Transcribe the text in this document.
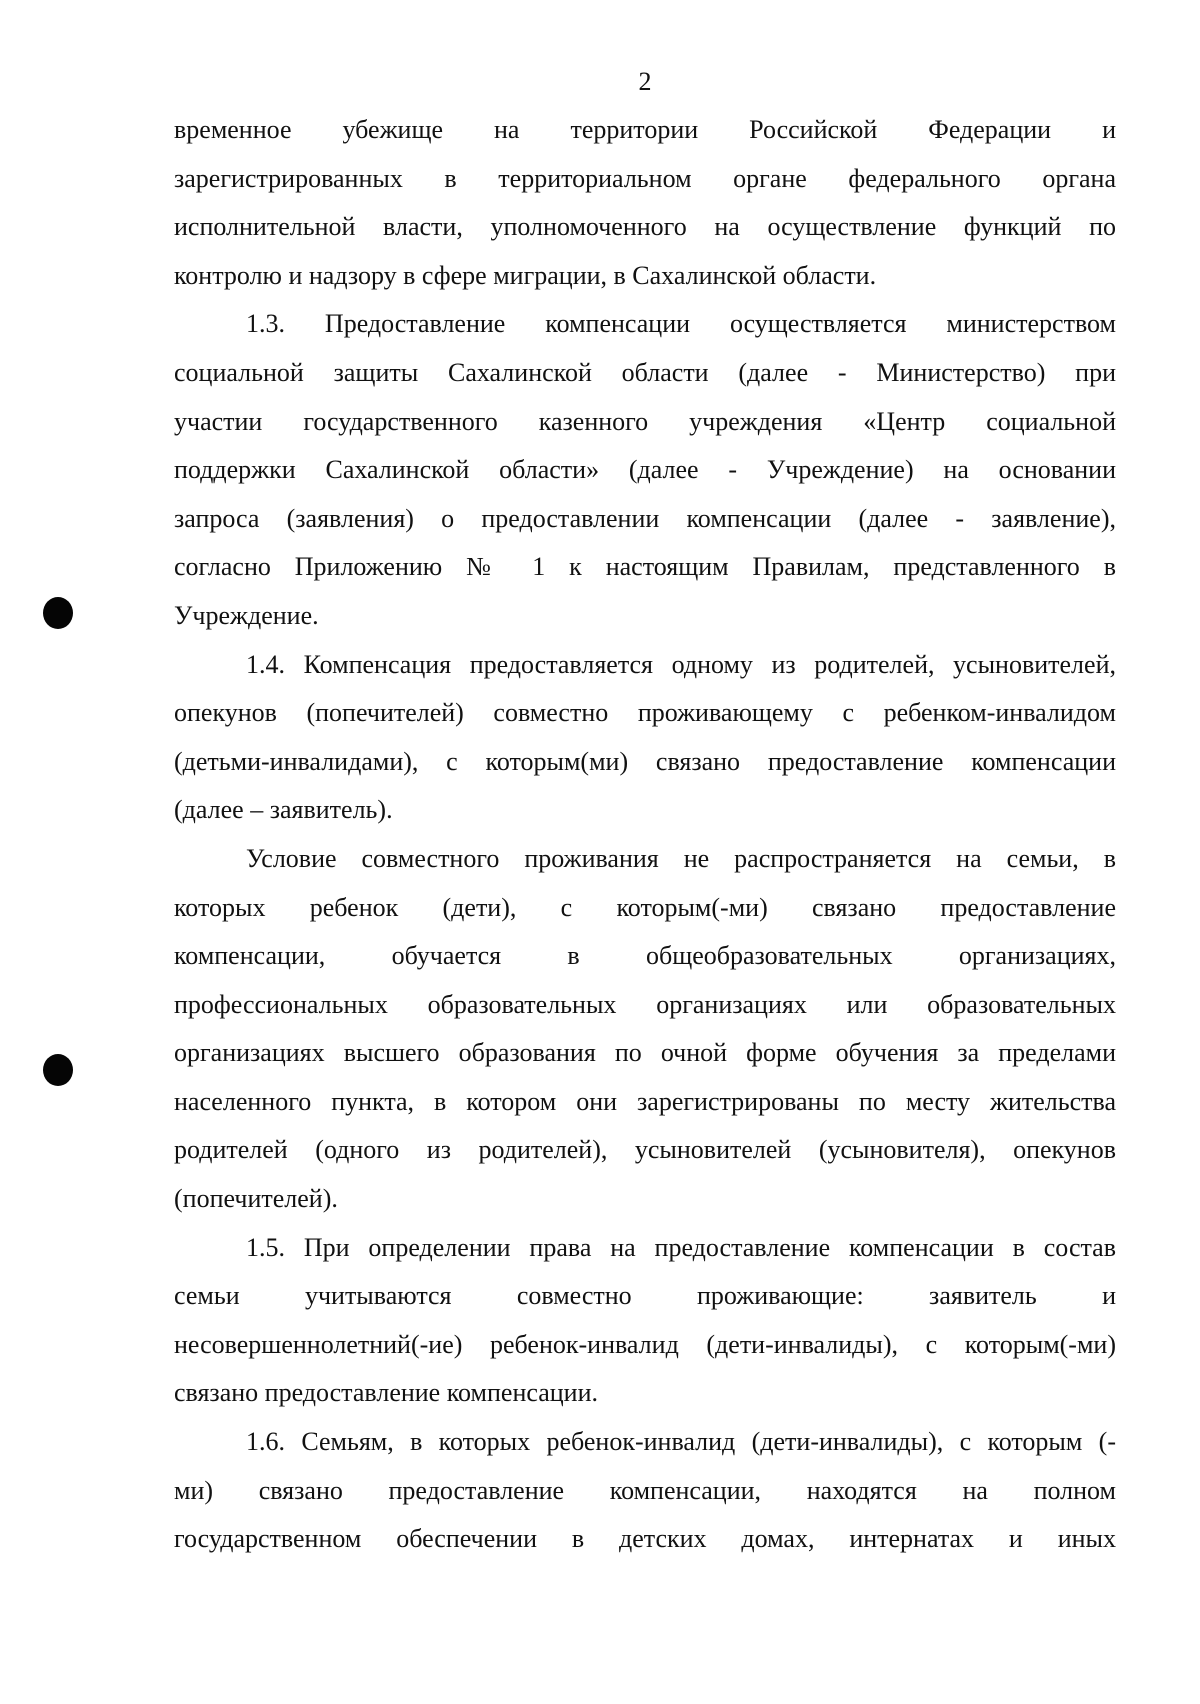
2
временное убежище на территории Российской Федерации и
зарегистрированных в территориальном органе федерального органа
исполнительной власти, уполномоченного на осуществление функций по
контролю и надзору в сфере миграции, в Сахалинской области.
1.3. Предоставление компенсации осуществляется министерством
социальной защиты Сахалинской области (далее - Министерство) при
участии государственного казенного учреждения «Центр социальной
поддержки Сахалинской области» (далее - Учреждение) на основании
запроса (заявления) о предоставлении компенсации (далее - заявление),
согласно Приложению № 1 к настоящим Правилам, представленного в
Учреждение.
1.4. Компенсация предоставляется одному из родителей, усыновителей,
опекунов (попечителей) совместно проживающему с ребенком-инвалидом
(детьми-инвалидами), с которым(ми) связано предоставление компенсации
(далее – заявитель).
Условие совместного проживания не распространяется на семьи, в
которых ребенок (дети), с которым(-ми) связано предоставление
компенсации, обучается в общеобразовательных организациях,
профессиональных образовательных организациях или образовательных
организациях высшего образования по очной форме обучения за пределами
населенного пункта, в котором они зарегистрированы по месту жительства
родителей (одного из родителей), усыновителей (усыновителя), опекунов
(попечителей).
1.5. При определении права на предоставление компенсации в состав
семьи учитываются совместно проживающие: заявитель и
несовершеннолетний(-ие) ребенок-инвалид (дети-инвалиды), с которым(-ми)
связано предоставление компенсации.
1.6. Семьям, в которых ребенок-инвалид (дети-инвалиды), с которым (-
ми) связано предоставление компенсации, находятся на полном
государственном обеспечении в детских домах, интернатах и иных
